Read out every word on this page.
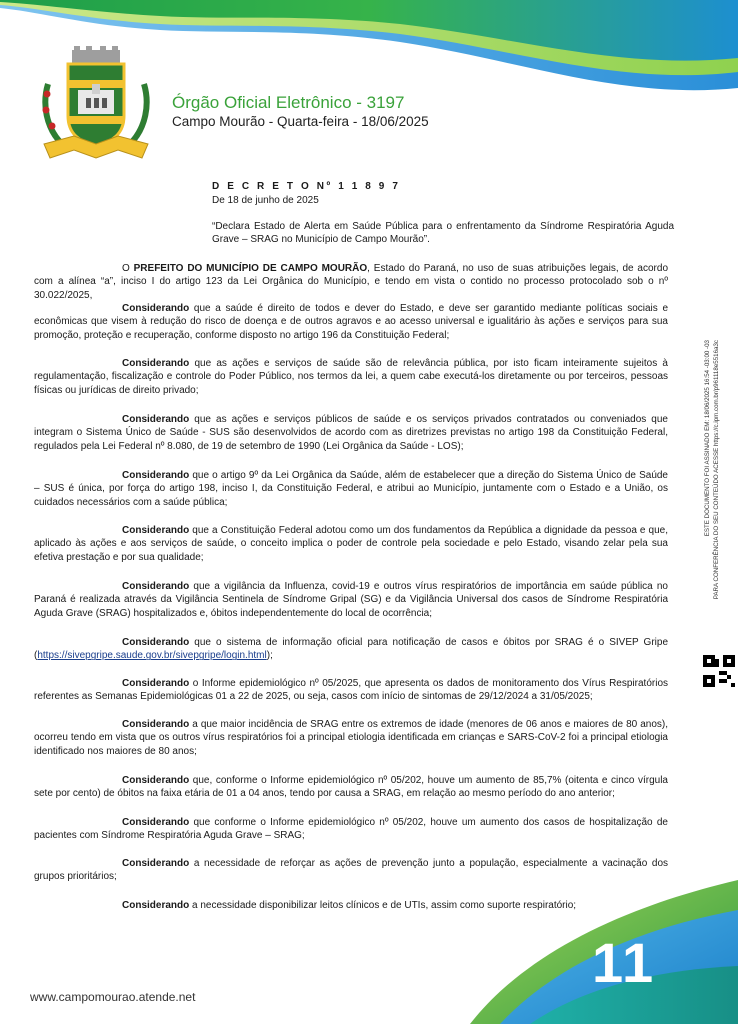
Órgão Oficial Eletrônico - 3197
Campo Mourão - Quarta-feira - 18/06/2025
D E C R E T O Nº 1 1 8 9 7
De 18 de junho de 2025
“Declara Estado de Alerta em Saúde Pública para o enfrentamento da Síndrome Respiratória Aguda Grave – SRAG no Município de Campo Mourão”.

O PREFEITO DO MUNICÍPIO DE CAMPO MOURÃO, Estado do Paraná, no uso de suas atribuições legais, de acordo com a alínea “a”, inciso I do artigo 123 da Lei Orgânica do Município, e tendo em vista o contido no processo protocolado sob o nº 30.022/2025,

Considerando que a saúde é direito de todos e dever do Estado, e deve ser garantido mediante políticas sociais e econômicas que visem à redução do risco de doença e de outros agravos e ao acesso universal e igualitário às ações e serviços para sua promoção, proteção e recuperação, conforme disposto no artigo 196 da Constituição Federal;

Considerando que as ações e serviços de saúde são de relevância pública, por isto ficam inteiramente sujeitos à regulamentação, fiscalização e controle do Poder Público, nos termos da lei, a quem cabe executá-los diretamente ou por terceiros, pessoas físicas ou jurídicas de direito privado;

Considerando que as ações e serviços públicos de saúde e os serviços privados contratados ou conveniados que integram o Sistema Único de Saúde - SUS são desenvolvidos de acordo com as diretrizes previstas no artigo 198 da Constituição Federal, regulados pela Lei Federal nº 8.080, de 19 de setembro de 1990 (Lei Orgânica da Saúde - LOS);

Considerando que o artigo 9º da Lei Orgânica da Saúde, além de estabelecer que a direção do Sistema Único de Saúde – SUS é única, por força do artigo 198, inciso I, da Constituição Federal, e atribui ao Município, juntamente com o Estado e a União, os cuidados necessários com a saúde pública;

Considerando que a Constituição Federal adotou como um dos fundamentos da República a dignidade da pessoa e que, aplicado às ações e aos serviços de saúde, o conceito implica o poder de controle pela sociedade e pelo Estado, visando zelar pela sua efetiva prestação e por sua qualidade;

Considerando que a vigilância da Influenza, covid-19 e outros vírus respiratórios de importância em saúde pública no Paraná é realizada através da Vigilância Sentinela de Síndrome Gripal (SG) e da Vigilância Universal dos casos de Síndrome Respiratória Aguda Grave (SRAG) hospitalizados e, óbitos independentemente do local de ocorrência;

Considerando que o sistema de informação oficial para notificação de casos e óbitos por SRAG é o SIVEP Gripe (https://sivepgripe.saude.gov.br/sivepgripe/login.html);

Considerando o Informe epidemiológico nº 05/2025, que apresenta os dados de monitoramento dos Vírus Respiratórios referentes as Semanas Epidemiológicas 01 a 22 de 2025, ou seja, casos com início de sintomas de 29/12/2024 a 31/05/2025;

Considerando a que maior incidência de SRAG entre os extremos de idade (menores de 06 anos e maiores de 80 anos), ocorreu tendo em vista que os outros vírus respiratórios foi a principal etiologia identificada em crianças e SARS-CoV-2 foi a principal etiologia identificado nos maiores de 80 anos;

Considerando que, conforme o Informe epidemiológico nº 05/202, houve um aumento de 85,7% (oitenta e cinco vírgula sete por cento) de óbitos na faixa etária de 01 a 04 anos, tendo por causa a SRAG, em relação ao mesmo período do ano anterior;

Considerando que conforme o Informe epidemiológico nº 05/202, houve um aumento dos casos de hospitalização de pacientes com Síndrome Respiratória Aguda Grave – SRAG;

Considerando a necessidade de reforçar as ações de prevenção junto a população, especialmente a vacinação dos grupos prioritários;

Considerando a necessidade disponibilizar leitos clínicos e de UTIs, assim como suporte respiratório;

ESTE DOCUMENTO FOI ASSINADO EM: 18/06/2025 16:54 -03:00 -03 PARA CONFERÊNCIA DO SEU CONTEÚDO ACESSE https://c.ipm.com.br/p961118e5516a3c
11
www.campomourao.atende.net
